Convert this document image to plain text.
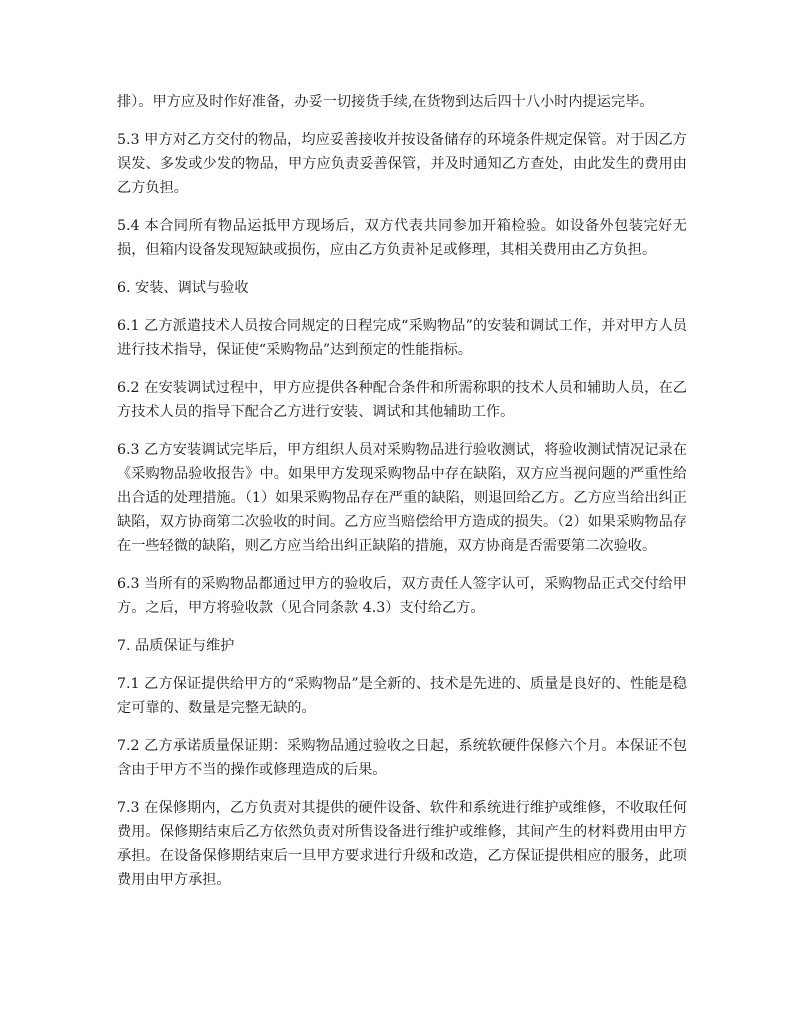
排）。甲方应及时作好准备，办妥一切接货手续,在货物到达后四十八小时内提运完毕。

5.3 甲方对乙方交付的物品，均应妥善接收并按设备储存的环境条件规定保管。对于因乙方误发、多发或少发的物品，甲方应负责妥善保管，并及时通知乙方查处，由此发生的费用由乙方负担。

5.4 本合同所有物品运抵甲方现场后，双方代表共同参加开箱检验。如设备外包装完好无损，但箱内设备发现短缺或损伤，应由乙方负责补足或修理，其相关费用由乙方负担。

6. 安装、调试与验收

6.1 乙方派遣技术人员按合同规定的日程完成“采购物品”的安装和调试工作，并对甲方人员进行技术指导，保证使“采购物品”达到预定的性能指标。

6.2 在安装调试过程中，甲方应提供各种配合条件和所需称职的技术人员和辅助人员，在乙方技术人员的指导下配合乙方进行安装、调试和其他辅助工作。

6.3 乙方安装调试完毕后，甲方组织人员对采购物品进行验收测试，将验收测试情况记录在《采购物品验收报告》中。如果甲方发现采购物品中存在缺陷，双方应当视问题的严重性给出合适的处理措施。（1）如果采购物品存在严重的缺陷，则退回给乙方。乙方应当给出纠正缺陷，双方协商第二次验收的时间。乙方应当赔偿给甲方造成的损失。（2）如果采购物品存在一些轻微的缺陷，则乙方应当给出纠正缺陷的措施，双方协商是否需要第二次验收。

6.3 当所有的采购物品都通过甲方的验收后，双方责任人签字认可，采购物品正式交付给甲方。之后，甲方将验收款（见合同条款 4.3）支付给乙方。

7. 品质保证与维护

7.1 乙方保证提供给甲方的“采购物品”是全新的、技术是先进的、质量是良好的、性能是稳定可靠的、数量是完整无缺的。

7.2 乙方承诺质量保证期：采购物品通过验收之日起，系统软硬件保修六个月。本保证不包含由于甲方不当的操作或修理造成的后果。

7.3 在保修期内，乙方负责对其提供的硬件设备、软件和系统进行维护或维修，不收取任何费用。保修期结束后乙方依然负责对所售设备进行维护或维修，其间产生的材料费用由甲方承担。在设备保修期结束后一旦甲方要求进行升级和改造，乙方保证提供相应的服务，此项费用由甲方承担。
